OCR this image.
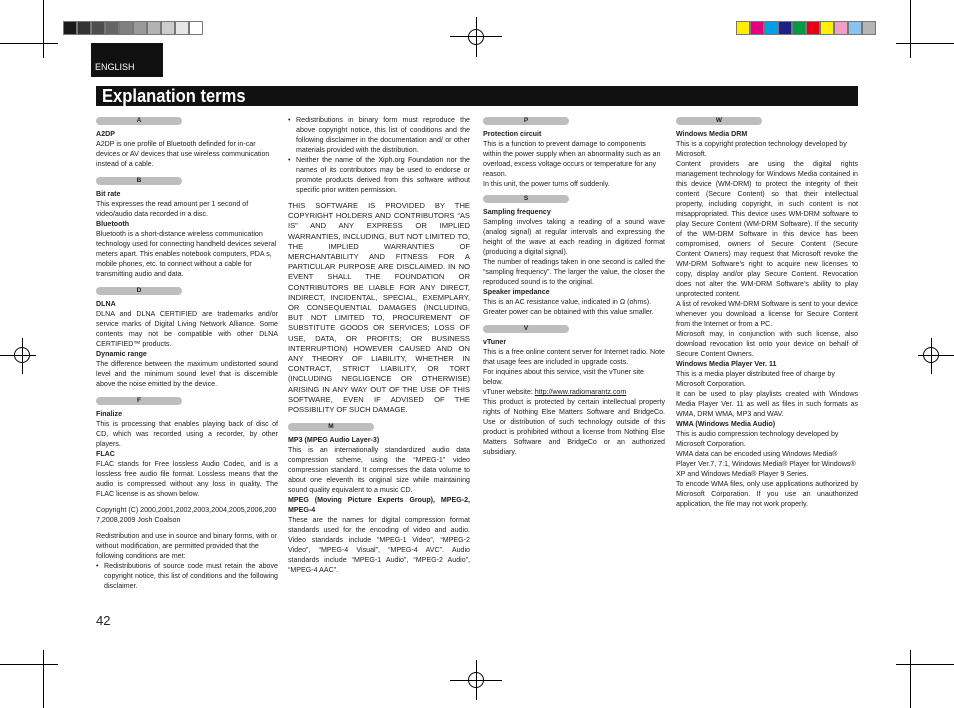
ENGLISH
Explanation terms
A

A2DP

A2DP is one profile of Bluetooth definded for in-car devices or AV devices that use wireless communication instead of a cable.

B

Bit rate

This expresses the read amount per 1 second of video/audio data recorded in a disc.

Bluetooth

Bluetooth is a short-distance wireless communication technology used for connecting handheld devices several meters apart. This enables notebook computers, PDA s, mobile phones, etc. to connect without a cable for transmitting audio and data.

D

DLNA

DLNA and DLNA CERTIFIED are trademarks and/or service marks of Digital Living Network Alliance. Some contents may not be compatible with other DLNA CERTIFIED™ products.

Dynamic range

The difference between the maximum undistorted sound level and the minimum sound level that is discernible above the noise emitted by the device.

F

Finalize

This is processing that enables playing back of disc of CD, which was recorded using a recorder, by other players.

FLAC

FLAC stands for Free lossless Audio Codec, and is a lossless free audio file format. Lossless means that the audio is compressed without any loss in quality. The FLAC license is as shown below.

Copyright (C) 2000,2001,2002,2003,2004,2005,2006,2007,2008,2009 Josh Coalson

Redistribution and use in source and binary forms, with or without modification, are permitted provided that the following conditions are met:

• Redistributions of source code must retain the above copyright notice, this list of conditions and the following disclaimer.
• Redistributions in binary form must reproduce the above copyright notice, this list of conditions and the following disclaimer in the documentation and/ or other materials provided with the distribution.
• Neither the name of the Xiph.org Foundation nor the names of its contributors may be used to endorse or promote products derived from this software without specific prior written permission.

THIS SOFTWARE IS PROVIDED BY THE COPYRIGHT HOLDERS AND CONTRIBUTORS “AS IS” AND ANY EXPRESS OR IMPLIED WARRANTIES, INCLUDING, BUT NOT LIMITED TO, THE IMPLIED WARRANTIES OF MERCHANTABILITY AND FITNESS FOR A PARTICULAR PURPOSE ARE DISCLAIMED. IN NO EVENT SHALL THE FOUNDATION OR CONTRIBUTORS BE LIABLE FOR ANY DIRECT, INDIRECT, INCIDENTAL, SPECIAL, EXEMPLARY, OR CONSEQUENTIAL DAMAGES (INCLUDING, BUT NOT LIMITED TO, PROCUREMENT OF SUBSTITUTE GOODS OR SERVICES; LOSS OF USE, DATA, OR PROFITS; OR BUSINESS INTERRUPTION) HOWEVER CAUSED AND ON ANY THEORY OF LIABILITY, WHETHER IN CONTRACT, STRICT LIABILITY, OR TORT (INCLUDING NEGLIGENCE OR OTHERWISE) ARISING IN ANY WAY OUT OF THE USE OF THIS SOFTWARE, EVEN IF ADVISED OF THE POSSIBILITY OF SUCH DAMAGE.

M

MP3 (MPEG Audio Layer-3)

This is an internationally standardized audio data compression scheme, using the “MPEG-1” video compression standard. It compresses the data volume to about one eleventh its original size while maintaining sound quality equivalent to a music CD.

MPEG (Moving Picture Experts Group), MPEG-2, MPEG-4

These are the names for digital compression format standards used for the encoding of video and audio. Video standards include “MPEG-1 Video”, “MPEG-2 Video”, “MPEG-4 Visual”, “MPEG-4 AVC”. Audio standards include “MPEG-1 Audio”, “MPEG-2 Audio”, “MPEG-4 AAC”.

P

Protection circuit

This is a function to prevent damage to components within the power supply when an abnormality such as an overload, excess voltage occurs or temperature for any reason.

In this unit, the power turns off suddenly.

S

Sampling frequency

Sampling involves taking a reading of a sound wave (analog signal) at regular intervals and expressing the height of the wave at each reading in digitized format (producing a digital signal).

The number of readings taken in one second is called the “sampling frequency”. The larger the value, the closer the reproduced sound is to the original.

Speaker impedance

This is an AC resistance value, indicated in Ω (ohms). Greater power can be obtained with this value smaller.

V

vTuner

This is a free online content server for Internet radio. Note that usage fees are included in upgrade costs.

For inquiries about this service, visit the vTuner site below.

vTuner website: http://www.radiomarantz.com

This product is protected by certain intellectual property rights of Nothing Else Matters Software and BridgeCo. Use or distribution of such technology outside of this product is prohibited without a license from Nothing Else Matters Software and BridgeCo or an authorized subsidiary.

W

Windows Media DRM

This is a copyright protection technology developed by Microsoft.

Content providers are using the digital rights management technology for Windows Media contained in this device (WM-DRM) to protect the integrity of their content (Secure Content) so that their intellectual property, including copyright, in such content is not misappropriated. This device uses WM-DRM software to play Secure Content (WM-DRM Software). If the security of the WM-DRM Software in this device has been compromised, owners of Secure Content (Secure Content Owners) may request that Microsoft revoke the WM-DRM Software’s right to acquire new licenses to copy, display and/or play Secure Content. Revocation does not alter the WM-DRM Software’s ability to play unprotected content.

A list of revoked WM-DRM Software is sent to your device whenever you download a license for Secure Content from the Internet or from a PC.

Microsoft may, in conjunction with such license, also download revocation list onto your device on behalf of Secure Content Owners.

Windows Media Player Ver. 11

This is a media player distributed free of charge by Microsoft Corporation.

It can be used to play playlists created with Windows Media Player Ver. 11 as well as files in such formats as WMA, DRM WMA, MP3 and WAV.

WMA (Windows Media Audio)

This is audio compression technology developed by Microsoft Corporation.

WMA data can be encoded using Windows Media® Player Ver.7, 7.1, Windows Media® Player for Windows® XP and Windows Media® Player 9 Series.

To encode WMA files, only use applications authorized by Microsoft Corporation. If you use an unauthorized application, the file may not work properly.

42
